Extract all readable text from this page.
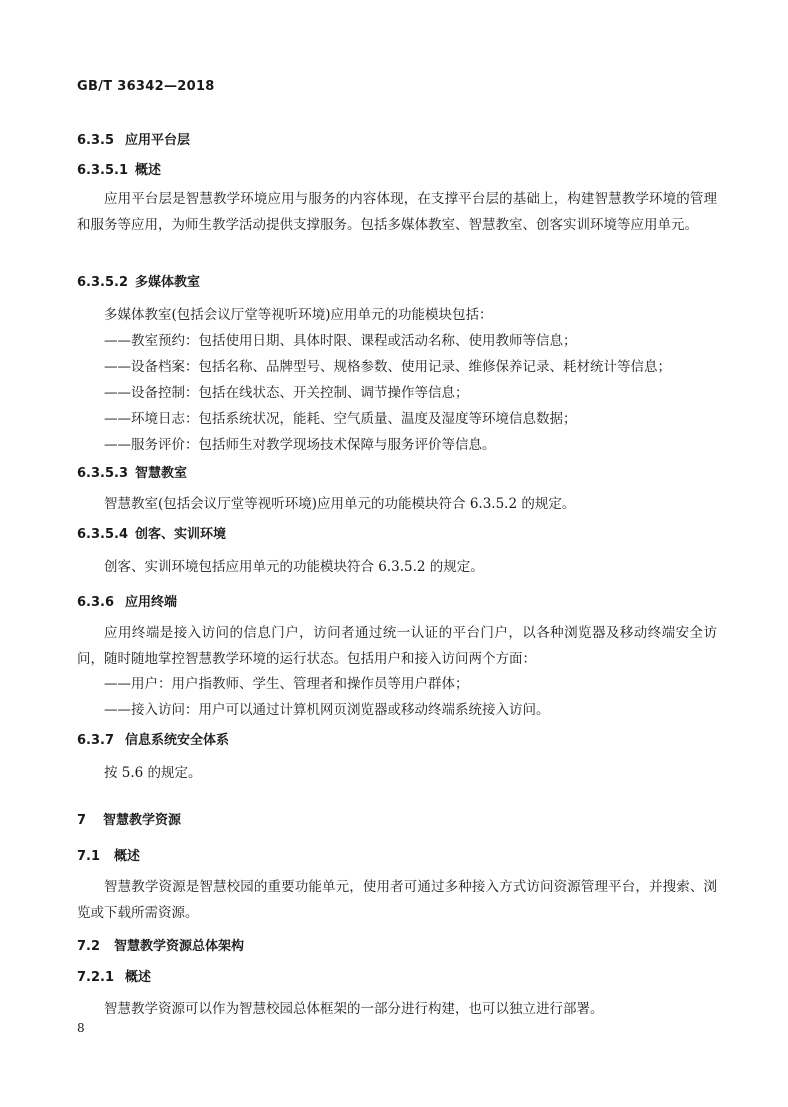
GB/T 36342—2018
6.3.5 应用平台层
6.3.5.1 概述
应用平台层是智慧教学环境应用与服务的内容体现，在支撑平台层的基础上，构建智慧教学环境的管理和服务等应用，为师生教学活动提供支撑服务。包括多媒体教室、智慧教室、创客实训环境等应用单元。
6.3.5.2 多媒体教室
多媒体教室(包括会议厅堂等视听环境)应用单元的功能模块包括：
——教室预约：包括使用日期、具体时限、课程或活动名称、使用教师等信息；
——设备档案：包括名称、品牌型号、规格参数、使用记录、维修保养记录、耗材统计等信息；
——设备控制：包括在线状态、开关控制、调节操作等信息；
——环境日志：包括系统状况，能耗、空气质量、温度及湿度等环境信息数据；
——服务评价：包括师生对教学现场技术保障与服务评价等信息。
6.3.5.3 智慧教室
智慧教室(包括会议厅堂等视听环境)应用单元的功能模块符合 6.3.5.2 的规定。
6.3.5.4 创客、实训环境
创客、实训环境包括应用单元的功能模块符合 6.3.5.2 的规定。
6.3.6 应用终端
应用终端是接入访问的信息门户，访问者通过统一认证的平台门户，以各种浏览器及移动终端安全访问，随时随地掌控智慧教学环境的运行状态。包括用户和接入访问两个方面：
——用户：用户指教师、学生、管理者和操作员等用户群体；
——接入访问：用户可以通过计算机网页浏览器或移动终端系统接入访问。
6.3.7 信息系统安全体系
按 5.6 的规定。
7 智慧教学资源
7.1 概述
智慧教学资源是智慧校园的重要功能单元，使用者可通过多种接入方式访问资源管理平台，并搜索、浏览或下载所需资源。
7.2 智慧教学资源总体架构
7.2.1 概述
智慧教学资源可以作为智慧校园总体框架的一部分进行构建，也可以独立进行部署。
8
